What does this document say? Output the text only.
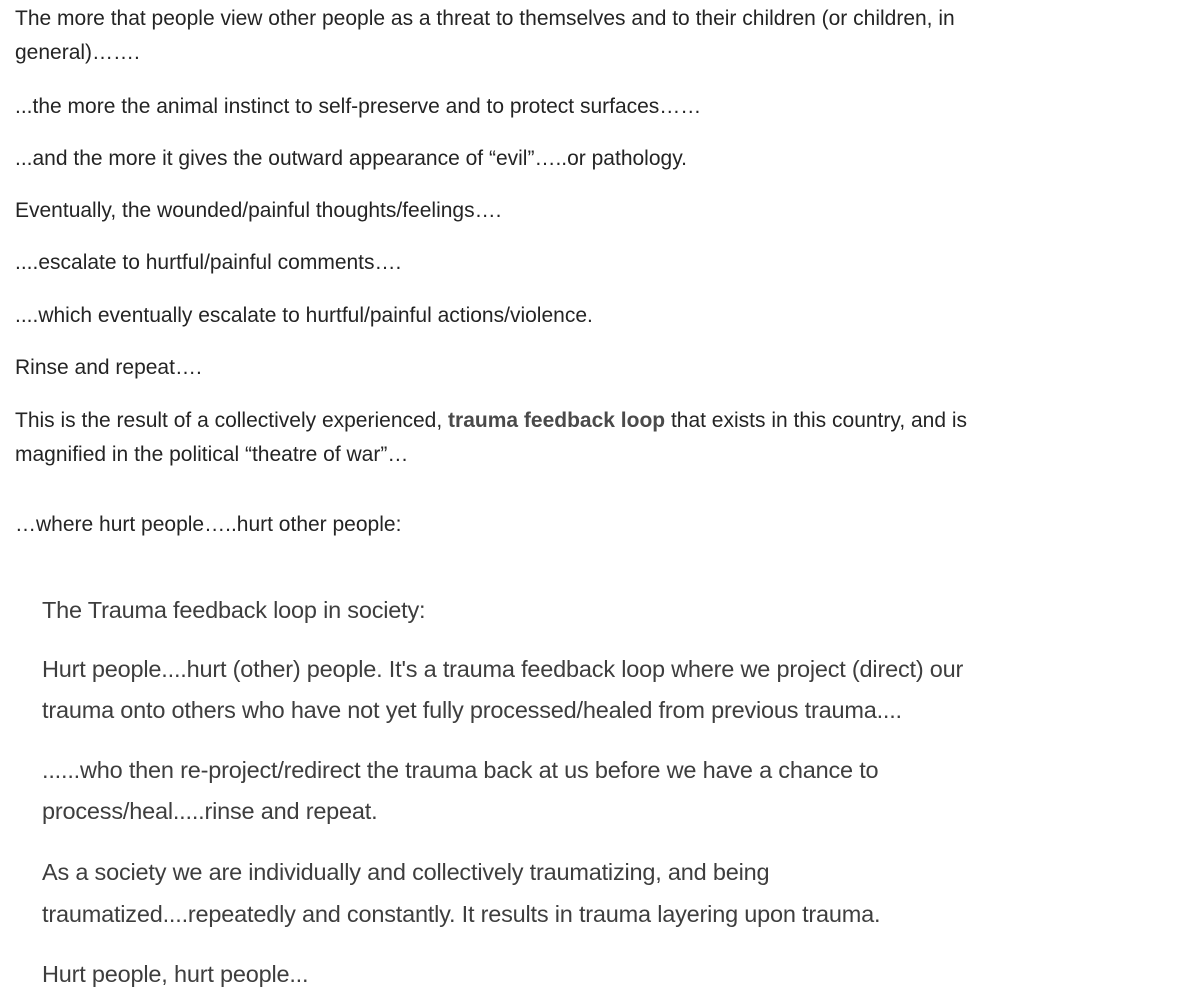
The more that people view other people as a threat to themselves and to their children (or children, in

general)…….

...the more the animal instinct to self-preserve and to protect surfaces……

...and the more it gives the outward appearance of “evil”…..or pathology.

Eventually, the wounded/painful thoughts/feelings….

....escalate to hurtful/painful comments….

....which eventually escalate to hurtful/painful actions/violence.

Rinse and repeat….

This is the result of a collectively experienced, trauma feedback loop that exists in this country, and is

magnified in the political “theatre of war”…

…where hurt people…..hurt other people:

The Trauma feedback loop in society:

Hurt people....hurt (other) people. It's a trauma feedback loop where we project (direct) our

trauma onto others who have not yet fully processed/healed from previous trauma....

......who then re-project/redirect the trauma back at us before we have a chance to

process/heal.....rinse and repeat.

As a society we are individually and collectively traumatizing, and being

traumatized....repeatedly and constantly. It results in trauma layering upon trauma.

Hurt people, hurt people...
